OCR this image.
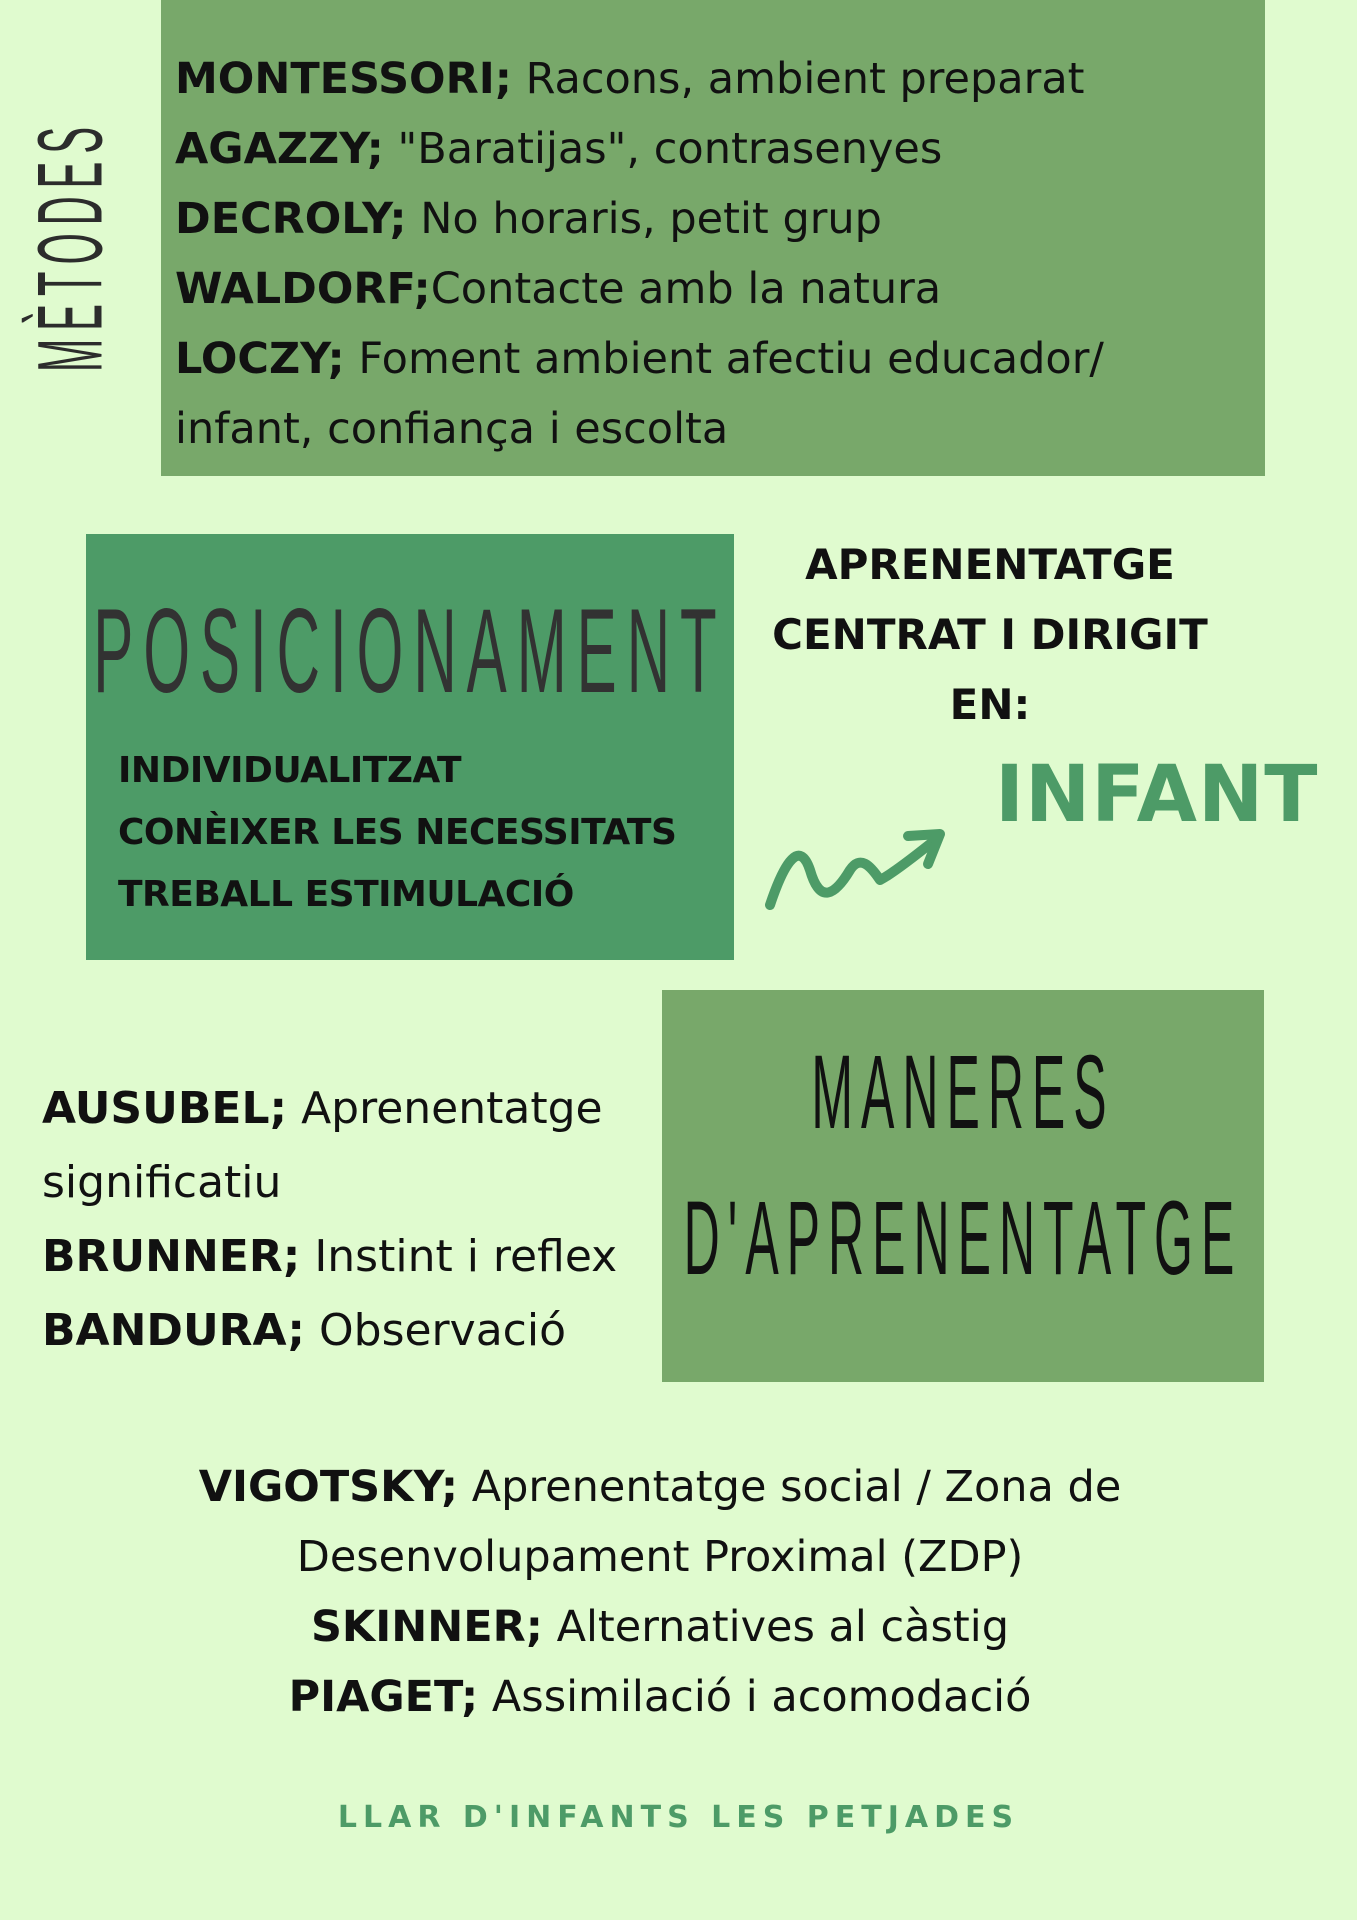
MÈTODES
MONTESSORI; Racons, ambient preparat
AGAZZY; "Baratijas", contrasenyes
DECROLY; No horaris, petit grup
WALDORF;Contacte amb la natura
LOCZY; Foment ambient afectiu educador/
infant, confiança i escolta
POSICIONAMENT
INDIVIDUALITZAT
CONÈIXER LES NECESSITATS
TREBALL ESTIMULACIÓ
APRENENTATGE
CENTRAT I DIRIGIT
EN:
INFANT
AUSUBEL; Aprenentatge
significatiu
BRUNNER; Instint i reflex
BANDURA; Observació
MANERES
D'APRENENTATGE
VIGOTSKY; Aprenentatge social / Zona de
Desenvolupament Proximal (ZDP)
SKINNER; Alternatives al càstig
PIAGET; Assimilació i acomodació
LLAR D'INFANTS LES PETJADES
